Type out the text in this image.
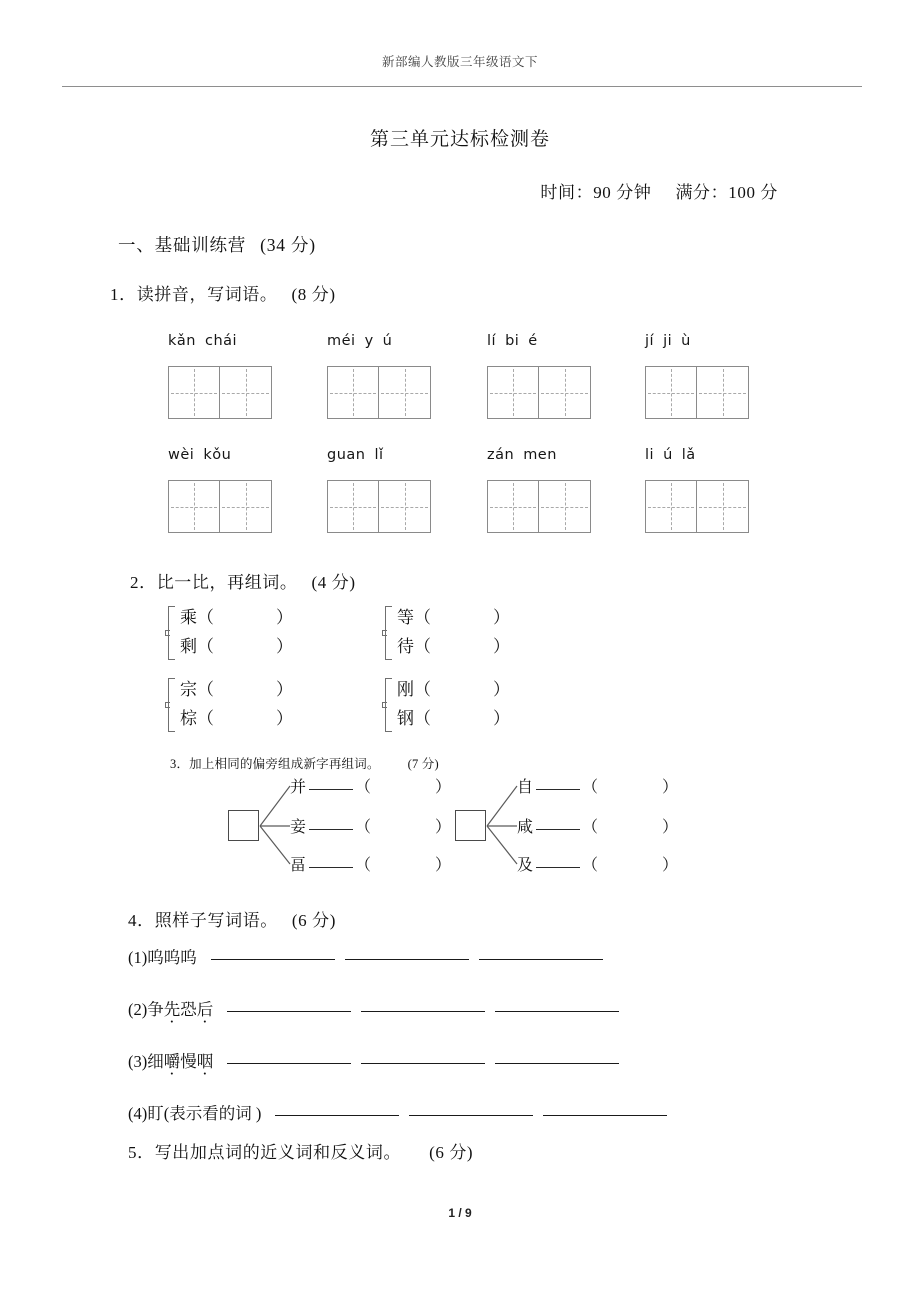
新部编人教版三年级语文下
第三单元达标检测卷
时间：90 分钟 满分：100 分
一、基础训练营 (34 分)
1．读拼音，写词语。 (8 分)
kǎn chái	méi y ú	lí bi é	jí ji ù
wèi kǒu	guan lǐ	zán men	li ú lǎ
2．比一比，再组词。 (4 分)
乘（	）
剩（	）
等（	）
待（	）
宗（	）
棕（	）
刚（	）
钢（	）
3．加上相同的偏旁组成新字再组词。 (7 分)
并	（	）
妾	（	）
畐	（	）
自	（	）
咸	（	）
及	（	）
4．照样子写词语。 (6 分)
(1)呜呜呜
(2)争先恐后
(3)细嚼慢咽
(4)盯(表示看的词 )
5．写出加点词的近义词和反义词。 (6 分)
1 / 9
